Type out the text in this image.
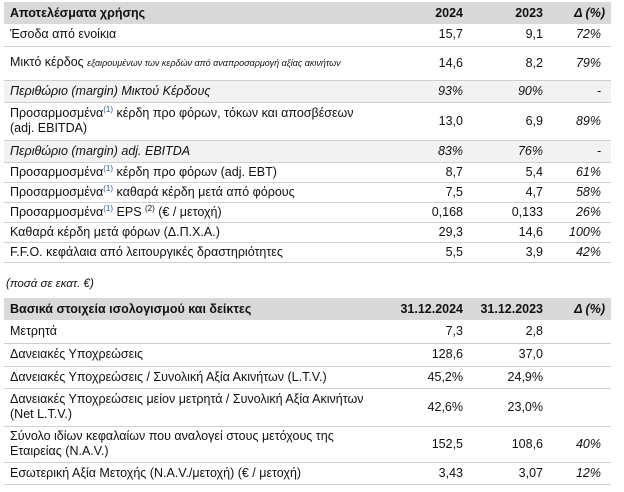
Αποτελέσματα χρήσης	2024	2023	Δ (%)
Έσοδα από ενοίκια	15,7	9,1	72%
Μικτό κέρδος εξαιρουμένων των κερδών από αναπροσαρμογή αξίας ακινήτων	14,6	8,2	79%
Περιθώριο (margin) Μικτού Κέρδους	93%	90%	-
Προσαρμοσμένα$^{(1)}$ κέρδη προ φόρων, τόκων και αποσβέσεων (adj. EBITDA)	13,0	6,9	89%
Περιθώριο (margin) adj. EBITDA	83%	76%	-
Προσαρμοσμένα$^{(1)}$ κέρδη προ φόρων (adj. EBT)	8,7	5,4	61%
Προσαρμοσμένα$^{(1)}$ καθαρά κέρδη μετά από φόρους	7,5	4,7	58%
Προσαρμοσμένα$^{(1)}$ EPS $^{(2)}$ (€ / μετοχή)	0,168	0,133	26%
Καθαρά κέρδη μετά φόρων (Δ.Π.Χ.Α.)	29,3	14,6	100%
F.F.O. κεφάλαια από λειτουργικές δραστηριότητες	5,5	3,9	42%
(ποσά σε εκατ. €)
Βασικά στοιχεία ισολογισμού και δείκτες	31.12.2024	31.12.2023	Δ (%)
Μετρητά	7,3	2,8	
Δανειακές Υποχρεώσεις	128,6	37,0	
Δανειακές Υποχρεώσεις / Συνολική Αξία Ακινήτων (L.T.V.)	45,2%	24,9%	
Δανειακές Υποχρεώσεις μείον μετρητά / Συνολική Αξία Ακινήτων (Net L.T.V.)	42,6%	23,0%	
Σύνολο ιδίων κεφαλαίων που αναλογεί στους μετόχους της Εταιρείας (N.A.V.)	152,5	108,6	40%
Εσωτερική Αξία Μετοχής (N.A.V./μετοχή) (€ / μετοχή)	3,43	3,07	12%
